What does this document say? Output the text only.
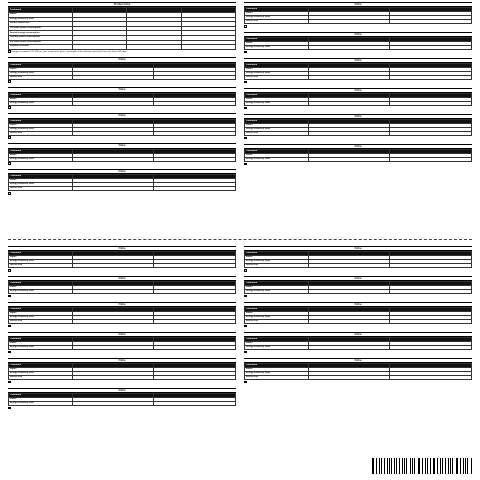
Product fiche
Trademark			
Model			
Energy efficiency class			
Visible screen size			
On mode power consumption			
Annual energy consumption			
Standby power consumption			
Off mode power consumption			
Display resolution			
Energy consumption XYZ kWh per year, based on the power consumption of the television operating 4 hours per day for 365 days.
Fiche
Trademark		
Model		
Energy efficiency class		
Screen size		
Fiche
Trademark		
Model		
Energy efficiency class		
Fiche
Trademark		
Model		
Energy efficiency class		
Screen size		
Fiche
Trademark		
Model		
Energy efficiency class		
Fiche
Trademark		
Model		
Energy efficiency class		
Screen size		
Fiche
Trademark		
Model		
Energy efficiency class		
Screen size		
Fiche
Trademark		
Model		
Energy efficiency class		
Fiche
Trademark		
Model		
Energy efficiency class		
Screen size		
Fiche
Trademark		
Model		
Energy efficiency class		
Fiche
Trademark		
Model		
Energy efficiency class		
Screen size		
Fiche
Trademark		
Model		
Energy efficiency class		
Fiche
Trademark		
Model		
Energy efficiency class		
Screen size		
Fiche
Trademark		
Model		
Energy efficiency class		
Fiche
Trademark		
Model		
Energy efficiency class		
Screen size		
Fiche
Trademark		
Model		
Energy efficiency class		
Fiche
Trademark		
Model		
Energy efficiency class		
Screen size		
Fiche
Trademark		
Model		
Energy efficiency class		
Fiche
Trademark		
Model		
Energy efficiency class		
Screen size		
Fiche
Trademark		
Model		
Energy efficiency class		
Fiche
Trademark		
Model		
Energy efficiency class		
Screen size		
Fiche
Trademark		
Model		
Energy efficiency class		
Fiche
Trademark		
Model		
Energy efficiency class		
Screen size		
